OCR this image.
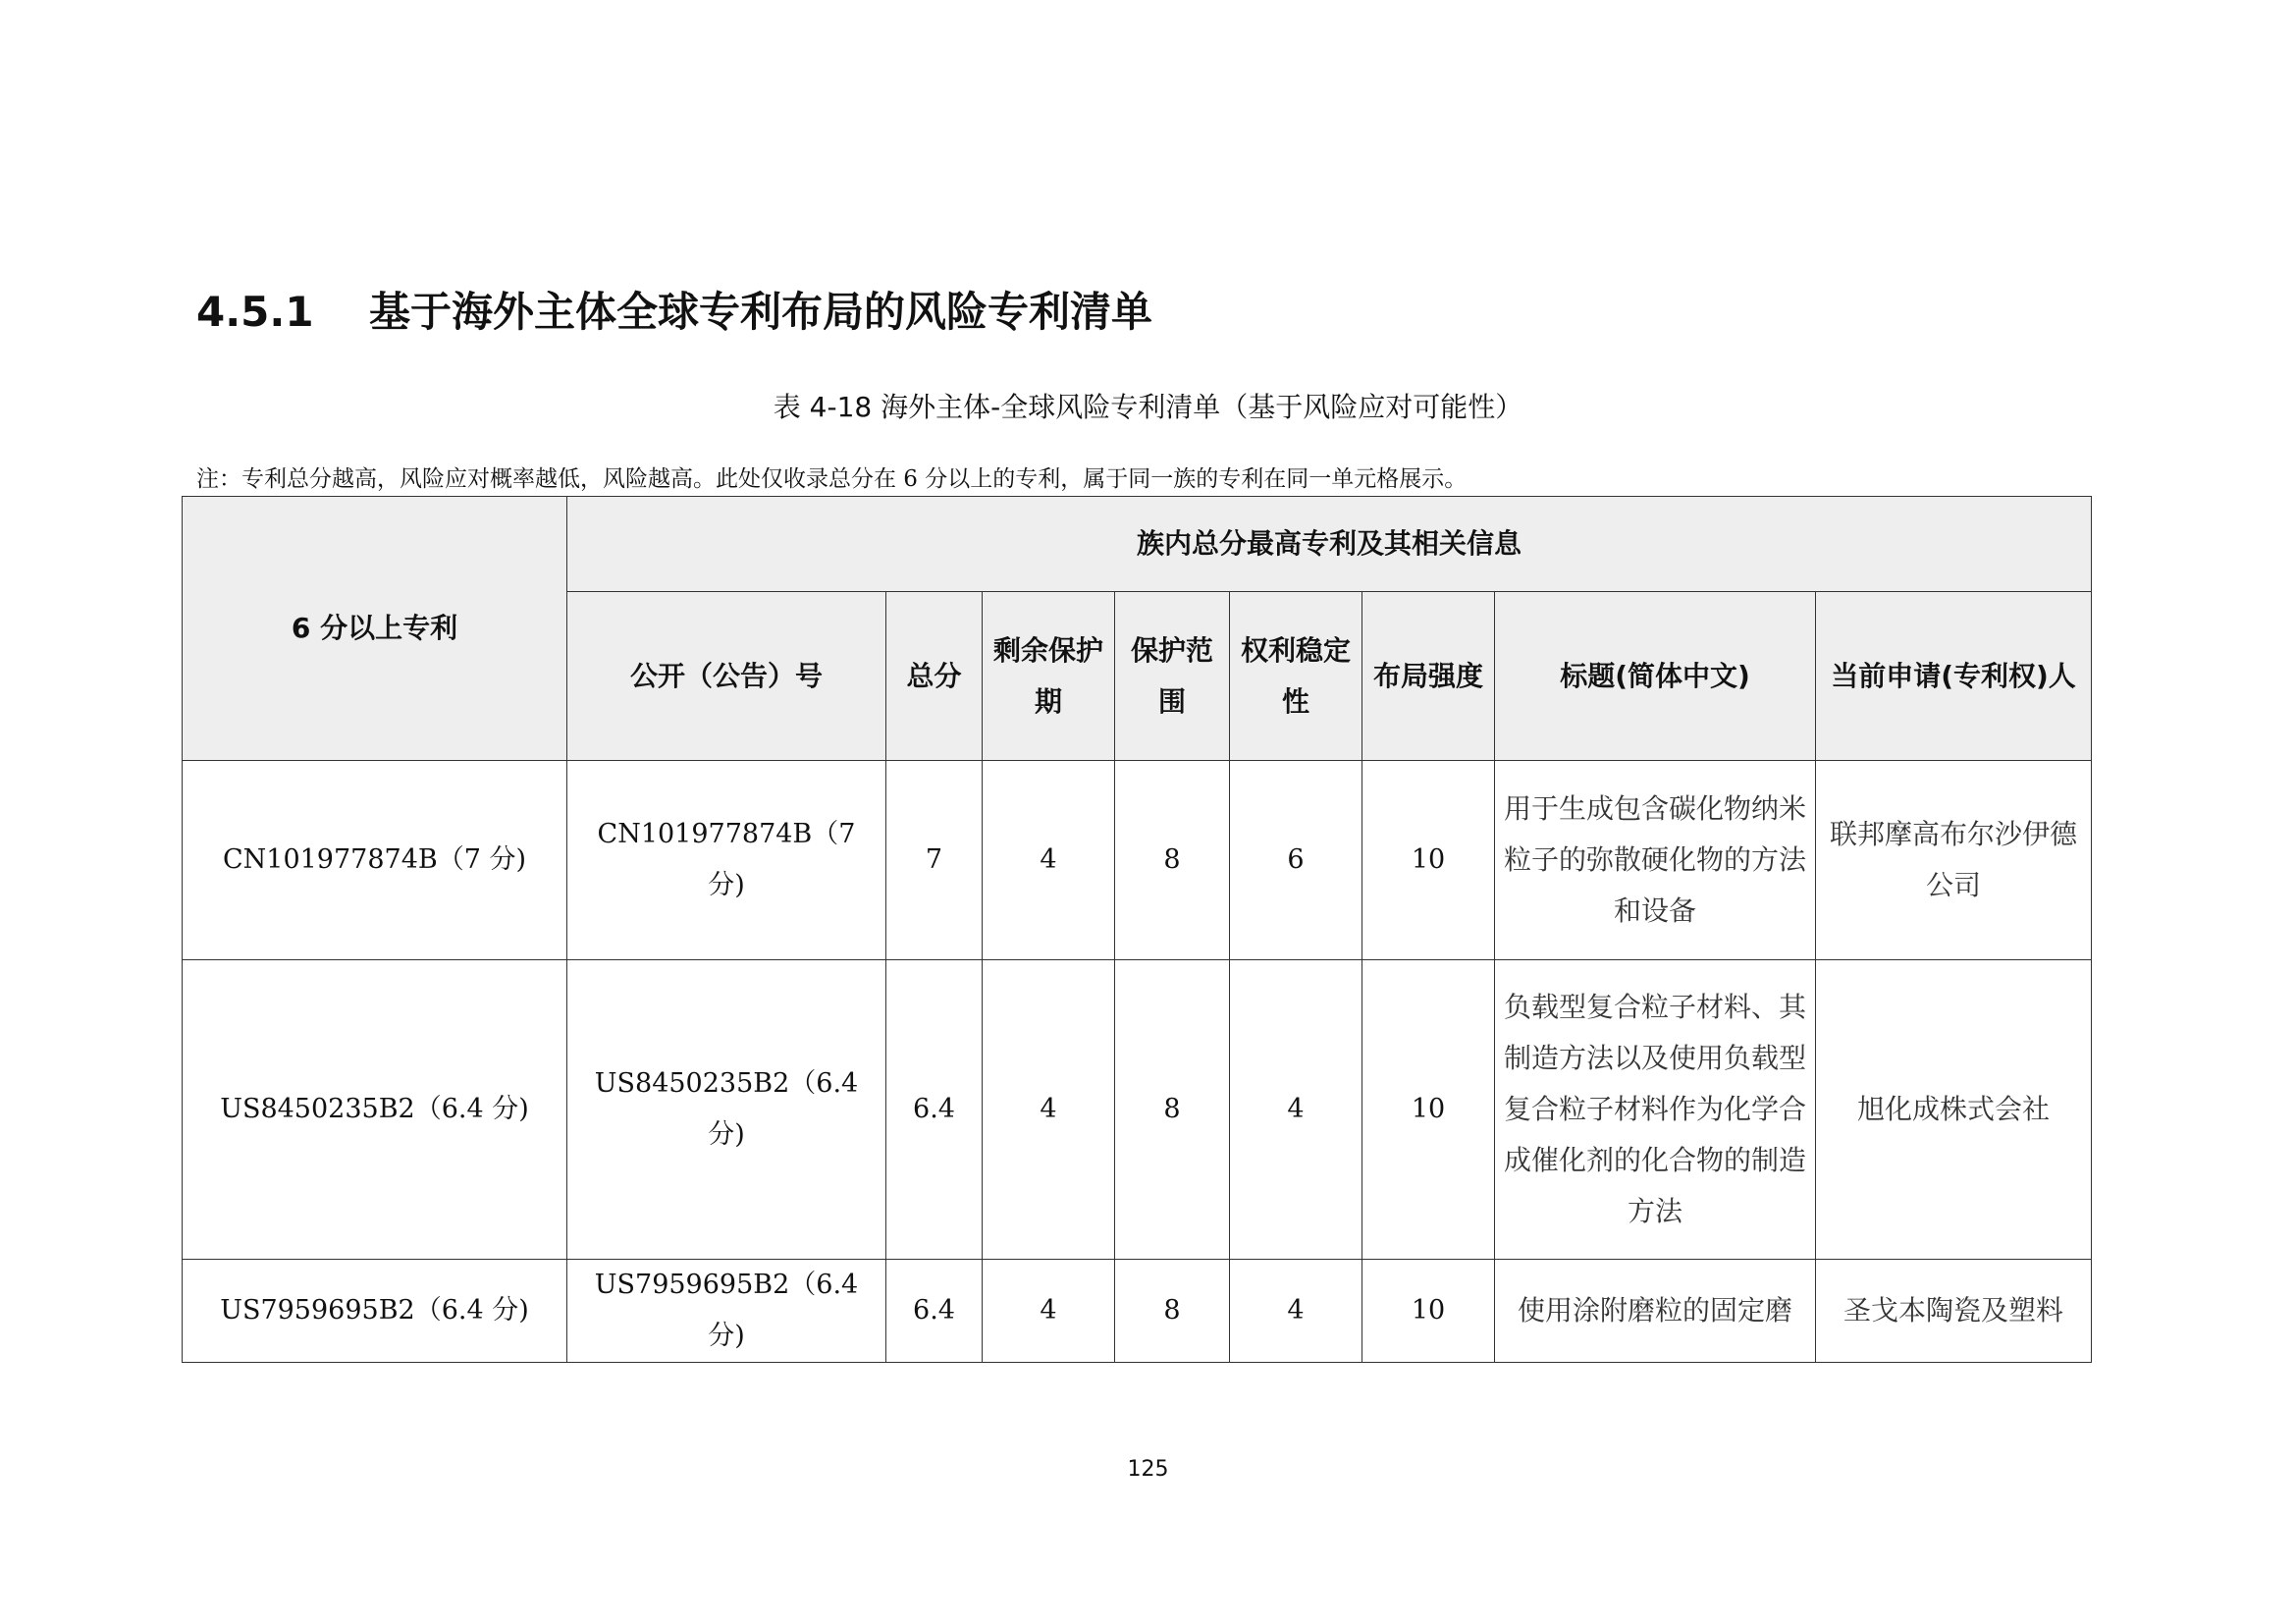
4.5.1 基于海外主体全球专利布局的风险专利清单
表 4-18 海外主体-全球风险专利清单（基于风险应对可能性）
注：专利总分越高，风险应对概率越低，风险越高。此处仅收录总分在 6 分以上的专利，属于同一族的专利在同一单元格展示。
6 分以上专利	族内总分最高专利及其相关信息							
	公开（公告）号	总分	剩余保护期	保护范围	权利稳定性	布局强度	标题(简体中文)	当前申请(专利权)人
CN101977874B（7 分)	CN101977874B（7 分)	7	4	8	6	10	用于生成包含碳化物纳米粒子的弥散硬化物的方法和设备	联邦摩高布尔沙伊德公司
US8450235B2（6.4 分)	US8450235B2（6.4 分)	6.4	4	8	4	10	负载型复合粒子材料、其制造方法以及使用负载型复合粒子材料作为化学合成催化剂的化合物的制造方法	旭化成株式会社
US7959695B2（6.4 分)	US7959695B2（6.4 分)	6.4	4	8	4	10	使用涂附磨粒的固定磨	圣戈本陶瓷及塑料
125
